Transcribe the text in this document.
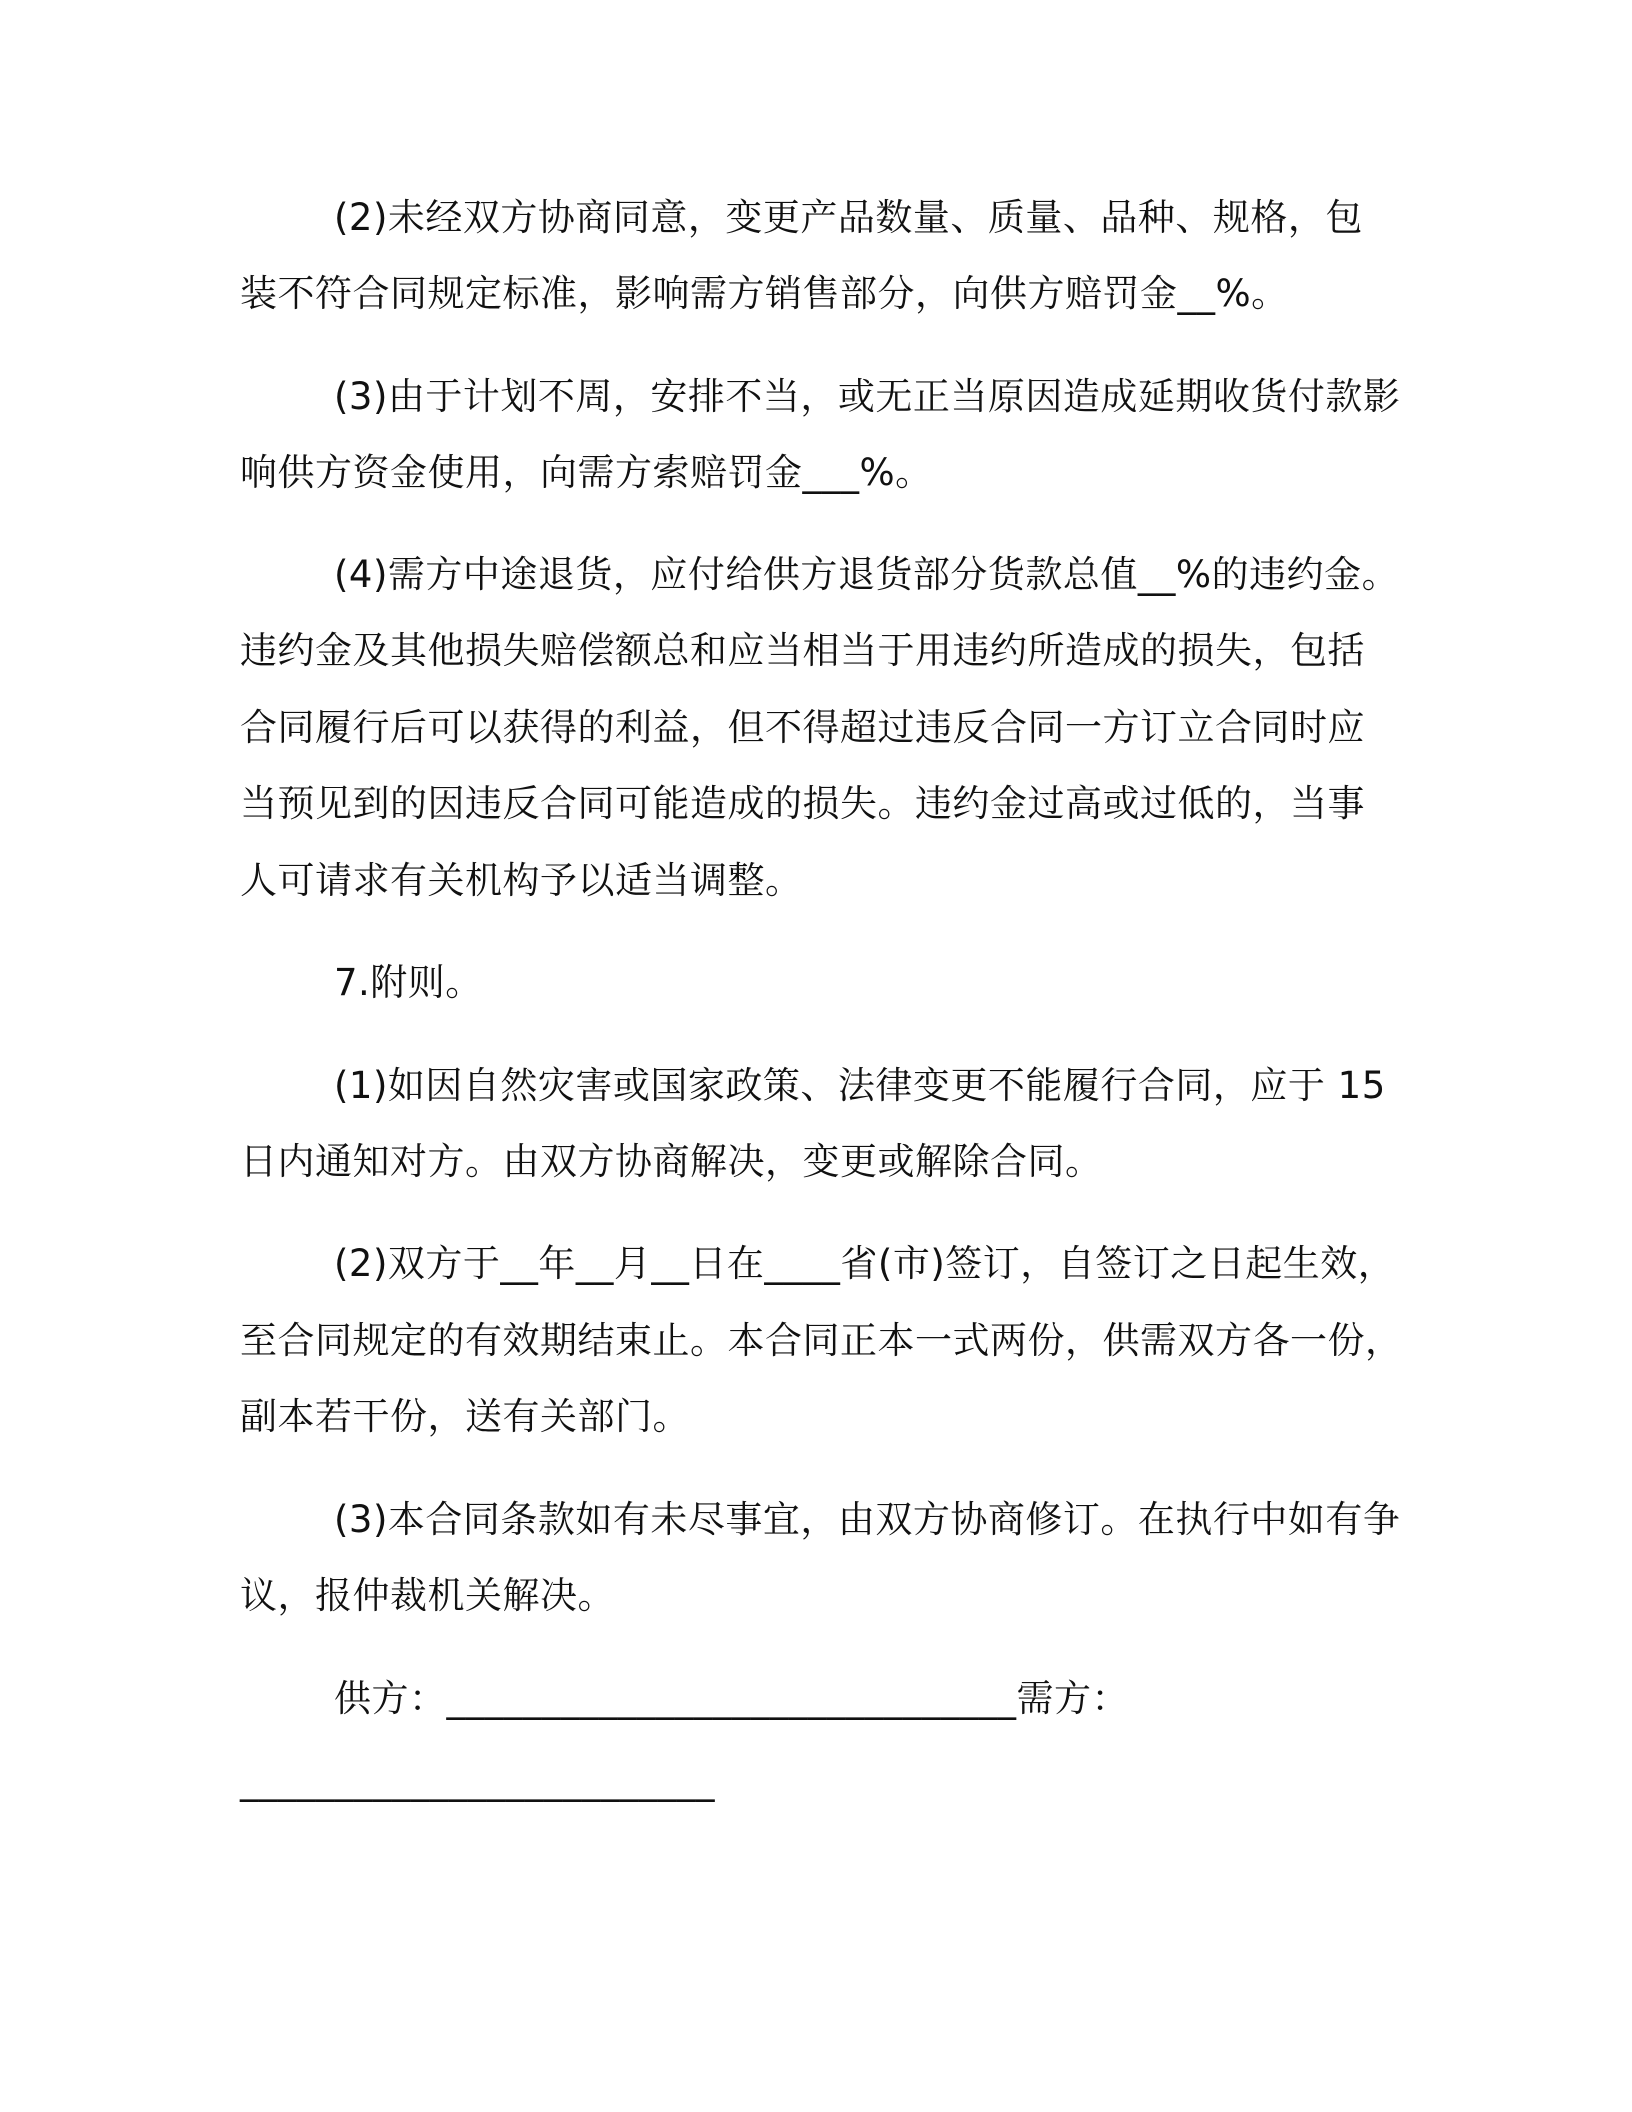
(2)未经双方协商同意，变更产品数量、质量、品种、规格，包
装不符合同规定标准，影响需方销售部分，向供方赔罚金__%。
(3)由于计划不周，安排不当，或无正当原因造成延期收货付款影
响供方资金使用，向需方索赔罚金___%。
(4)需方中途退货，应付给供方退货部分货款总值__%的违约金。
违约金及其他损失赔偿额总和应当相当于用违约所造成的损失，包括
合同履行后可以获得的利益，但不得超过违反合同一方订立合同时应
当预见到的因违反合同可能造成的损失。违约金过高或过低的，当事
人可请求有关机构予以适当调整。
7.附则。
(1)如因自然灾害或国家政策、法律变更不能履行合同，应于 15
日内通知对方。由双方协商解决，变更或解除合同。
(2)双方于__年__月__日在____省(市)签订，自签订之日起生效，
至合同规定的有效期结束止。本合同正本一式两份，供需双方各一份，
副本若干份，送有关部门。
(3)本合同条款如有未尽事宜，由双方协商修订。在执行中如有争
议，报仲裁机关解决。
供方：______________________________需方：
_________________________
